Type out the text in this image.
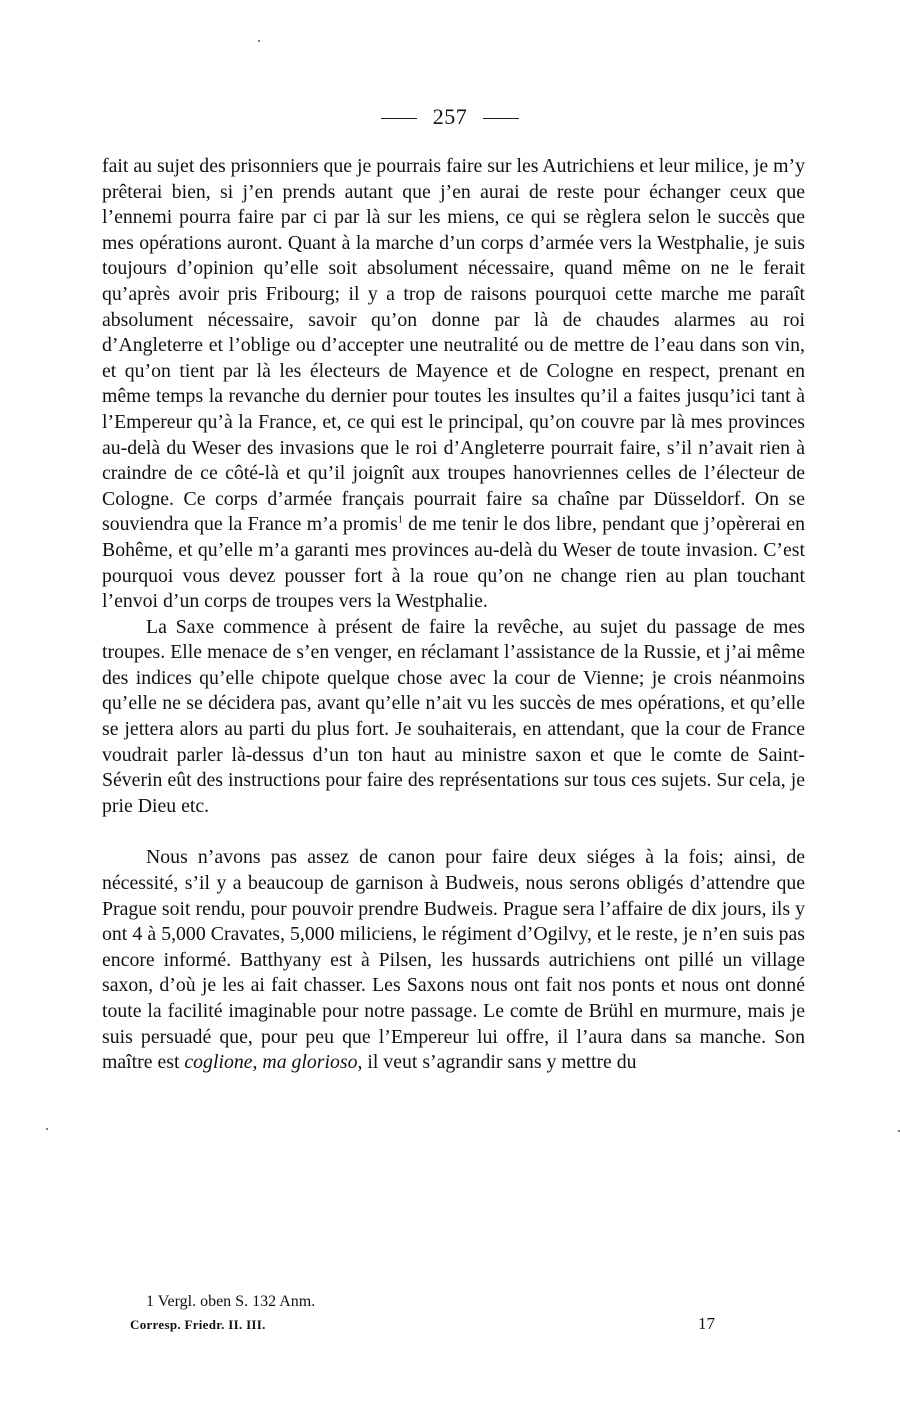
257

fait au sujet des prisonniers que je pourrais faire sur les Autrichiens et leur milice, je m’y prêterai bien, si j’en prends autant que j’en aurai de reste pour échanger ceux que l’ennemi pourra faire par ci par là sur les miens, ce qui se règlera selon le succès que mes opérations auront. Quant à la marche d’un corps d’armée vers la Westphalie, je suis toujours d’opinion qu’elle soit absolument nécessaire, quand même on ne le ferait qu’après avoir pris Fribourg; il y a trop de raisons pourquoi cette marche me paraît absolument nécessaire, savoir qu’on donne par là de chaudes alarmes au roi d’Angleterre et l’oblige ou d’accepter une neutralité ou de mettre de l’eau dans son vin, et qu’on tient par là les électeurs de Mayence et de Cologne en respect, prenant en même temps la revanche du dernier pour toutes les insultes qu’il a faites jusqu’ici tant à l’Empereur qu’à la France, et, ce qui est le principal, qu’on couvre par là mes provinces au-delà du Weser des invasions que le roi d’Angleterre pourrait faire, s’il n’avait rien à craindre de ce côté-là et qu’il joignît aux troupes hanovriennes celles de l’électeur de Cologne. Ce corps d’armée français pourrait faire sa chaîne par Düsseldorf. On se souviendra que la France m’a promis$^1$ de me tenir le dos libre, pendant que j’opèrerai en Bohême, et qu’elle m’a garanti mes provinces au-delà du Weser de toute invasion. C’est pourquoi vous devez pousser fort à la roue qu’on ne change rien au plan touchant l’envoi d’un corps de troupes vers la Westphalie.

La Saxe commence à présent de faire la revêche, au sujet du passage de mes troupes. Elle menace de s’en venger, en réclamant l’assistance de la Russie, et j’ai même des indices qu’elle chipote quelque chose avec la cour de Vienne; je crois néanmoins qu’elle ne se décidera pas, avant qu’elle n’ait vu les succès de mes opérations, et qu’elle se jettera alors au parti du plus fort. Je souhaiterais, en attendant, que la cour de France voudrait parler là-dessus d’un ton haut au ministre saxon et que le comte de Saint-Séverin eût des instructions pour faire des représentations sur tous ces sujets. Sur cela, je prie Dieu etc.

Nous n’avons pas assez de canon pour faire deux siéges à la fois; ainsi, de nécessité, s’il y a beaucoup de garnison à Budweis, nous serons obligés d’attendre que Prague soit rendu, pour pouvoir prendre Budweis. Prague sera l’affaire de dix jours, ils y ont 4 à 5,000 Cravates, 5,000 miliciens, le régiment d’Ogilvy, et le reste, je n’en suis pas encore informé. Batthyany est à Pilsen, les hussards autrichiens ont pillé un village saxon, d’où je les ai fait chasser. Les Saxons nous ont fait nos ponts et nous ont donné toute la facilité imaginable pour notre passage. Le comte de Brühl en murmure, mais je suis persuadé que, pour peu que l’Empereur lui offre, il l’aura dans sa manche. Son maître est coglione, ma glorioso, il veut s’agrandir sans y mettre du

1 Vergl. oben S. 132 Anm.
Corresp. Friedr. II. III.	17
